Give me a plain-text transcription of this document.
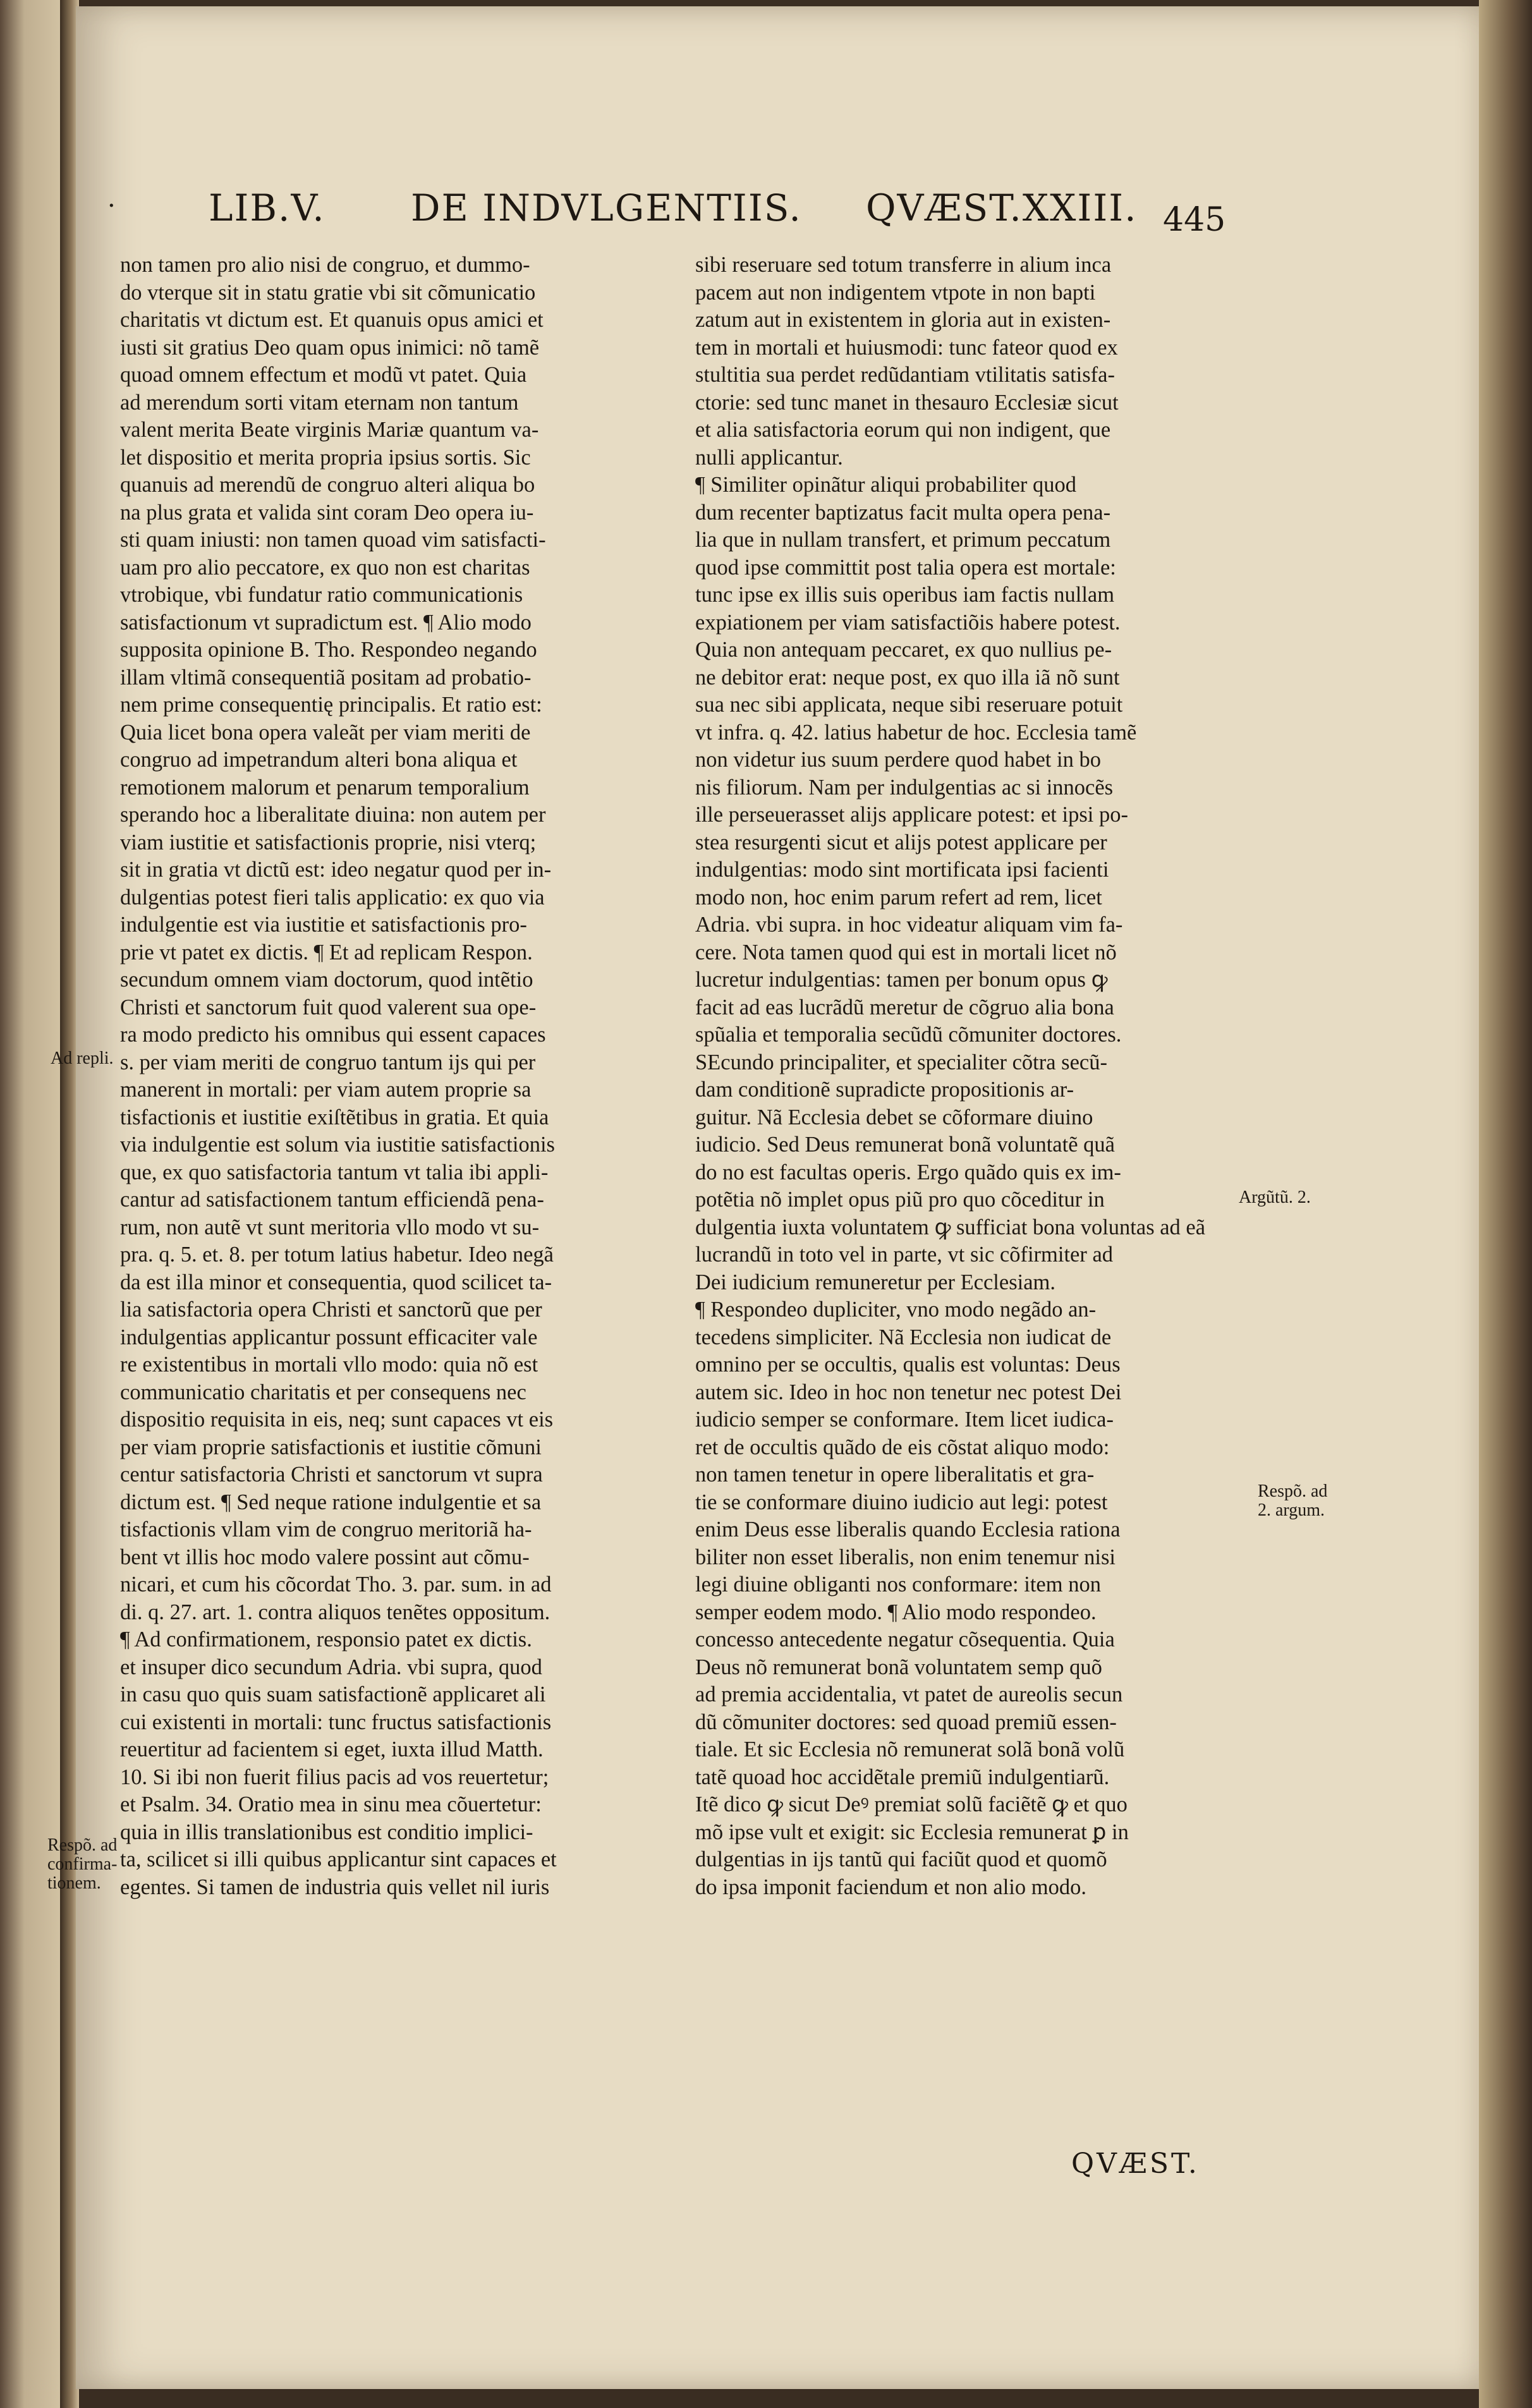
·	LIB.V. DE INDVLGENTIIS. QVÆST.XXIII. 445
non tamen pro alio nisi de congruo, et dummo-
do vterque sit in statu gratie vbi sit cõmunicatio
charitatis vt dictum est. Et quanuis opus amici et
iusti sit gratius Deo quam opus inimici: nõ tamẽ
quoad omnem effectum et modũ vt patet. Quia
ad merendum sorti vitam eternam non tantum
valent merita Beate virginis Mariæ quantum va-
let dispositio et merita propria ipsius sortis. Sic
quanuis ad merendũ de congruo alteri aliqua bo
na plus grata et valida sint coram Deo opera iu-
sti quam iniusti: non tamen quoad vim satisfacti-
uam pro alio peccatore, ex quo non est charitas
vtrobique, vbi fundatur ratio communicationis
satisfactionum vt supradictum est. ¶ Alio modo
supposita opinione B. Tho. Respondeo negando
illam vltimã consequentiã positam ad probatio-
nem prime consequentię principalis. Et ratio est:
Quia licet bona opera valeãt per viam meriti de
congruo ad impetrandum alteri bona aliqua et
remotionem malorum et penarum temporalium
sperando hoc a liberalitate diuina: non autem per
viam iustitie et satisfactionis proprie, nisi vterq;
sit in gratia vt dictũ est: ideo negatur quod per in-
dulgentias potest fieri talis applicatio: ex quo via
indulgentie est via iustitie et satisfactionis pro-
prie vt patet ex dictis. ¶ Et ad replicam Respon.
secundum omnem viam doctorum, quod intẽtio
Christi et sanctorum fuit quod valerent sua ope-
ra modo predicto his omnibus qui essent capaces
s. per viam meriti de congruo tantum ijs qui per
manerent in mortali: per viam autem proprie sa
tisfactionis et iustitie exiſtẽtibus in gratia. Et quia
via indulgentie est solum via iustitie satisfactionis
que, ex quo satisfactoria tantum vt talia ibi appli-
cantur ad satisfactionem tantum efficiendã pena-
rum, non autẽ vt sunt meritoria vllo modo vt su-
pra. q. 5. et. 8. per totum latius habetur. Ideo negã
da est illa minor et consequentia, quod scilicet ta-
lia satisfactoria opera Christi et sanctorũ que per
indulgentias applicantur possunt efficaciter vale
re existentibus in mortali vllo modo: quia nõ est
communicatio charitatis et per consequens nec
dispositio requisita in eis, neq; sunt capaces vt eis
per viam proprie satisfactionis et iustitie cõmuni
centur satisfactoria Christi et sanctorum vt supra
dictum est. ¶ Sed neque ratione indulgentie et sa
tisfactionis vllam vim de congruo meritoriã ha-
bent vt illis hoc modo valere possint aut cõmu-
nicari, et cum his cõcordat Tho. 3. par. sum. in ad
di. q. 27. art. 1. contra aliquos tenẽtes oppositum.
¶ Ad confirmationem, responsio patet ex dictis.
et insuper dico secundum Adria. vbi supra, quod
in casu quo quis suam satisfactionẽ applicaret ali
cui existenti in mortali: tunc fructus satisfactionis
reuertitur ad facientem si eget, iuxta illud Matth.
10. Si ibi non fuerit filius pacis ad vos reuertetur;
et Psalm. 34. Oratio mea in sinu mea cõuertetur:
quia in illis translationibus est conditio implici-
ta, scilicet si illi quibus applicantur sint capaces et
egentes. Si tamen de industria quis vellet nil iuris
sibi reseruare sed totum transferre in alium inca
pacem aut non indigentem vtpote in non bapti
zatum aut in existentem in gloria aut in existen-
tem in mortali et huiusmodi: tunc fateor quod ex
stultitia sua perdet redũdantiam vtilitatis satisfa-
ctorie: sed tunc manet in thesauro Ecclesiæ sicut
et alia satisfactoria eorum qui non indigent, que
nulli applicantur.
¶ Similiter opinãtur aliqui probabiliter quod
dum recenter baptizatus facit multa opera pena-
lia que in nullam transfert, et primum peccatum
quod ipse committit post talia opera est mortale:
tunc ipse ex illis suis operibus iam factis nullam
expiationem per viam satisfactiõis habere potest.
Quia non antequam peccaret, ex quo nullius pe-
ne debitor erat: neque post, ex quo illa iã nõ sunt
sua nec sibi applicata, neque sibi reseruare potuit
vt infra. q. 42. latius habetur de hoc. Ecclesia tamẽ
non videtur ius suum perdere quod habet in bo
nis filiorum. Nam per indulgentias ac si innocẽs
ille perseuerasset alijs applicare potest: et ipsi po-
stea resurgenti sicut et alijs potest applicare per
indulgentias: modo sint mortificata ipsi facienti
modo non, hoc enim parum refert ad rem, licet
Adria. vbi supra. in hoc videatur aliquam vim fa-
cere. Nota tamen quod qui est in mortali licet nõ
lucretur indulgentias: tamen per bonum opus ꝙ
facit ad eas lucrãdũ meretur de cõgruo alia bona
spũalia et temporalia secũdũ cõmuniter doctores.
SEcundo principaliter, et specialiter cõtra secũ-
dam conditionẽ supradicte propositionis ar-
guitur. Nã Ecclesia debet se cõformare diuino
iudicio. Sed Deus remunerat bonã voluntatẽ quã
do no est facultas operis. Ergo quãdo quis ex im-
potẽtia nõ implet opus piũ pro quo cõceditur in
dulgentia iuxta voluntatem ꝙ sufficiat bona voluntas ad eã
lucrandũ in toto vel in parte, vt sic cõfirmiter ad
Dei iudicium remuneretur per Ecclesiam.
¶ Respondeo dupliciter, vno modo negãdo an-
tecedens simpliciter. Nã Ecclesia non iudicat de
omnino per se occultis, qualis est voluntas: Deus
autem sic. Ideo in hoc non tenetur nec potest Dei
iudicio semper se conformare. Item licet iudica-
ret de occultis quãdo de eis cõstat aliquo modo:
non tamen tenetur in opere liberalitatis et gra-
tie se conformare diuino iudicio aut legi: potest
enim Deus esse liberalis quando Ecclesia rationa
biliter non esset liberalis, non enim tenemur nisi
legi diuine obliganti nos conformare: item non
semper eodem modo. ¶ Alio modo respondeo.
concesso antecedente negatur cõsequentia. Quia
Deus nõ remunerat bonã voluntatem semp quõ
ad premia accidentalia, vt patet de aureolis secun
dũ cõmuniter doctores: sed quoad premiũ essen-
tiale. Et sic Ecclesia nõ remunerat solã bonã volũ
tatẽ quoad hoc accidẽtale premiũ indulgentiarũ.
Itẽ dico ꝙ sicut Deꝰ premiat solũ faciẽtẽ ꝙ et quo
mõ ipse vult et exigit: sic Ecclesia remunerat ꝑ in
dulgentias in ijs tantũ qui faciũt quod et quomõ
do ipsa imponit faciendum et non alio modo.
Ad repli.
Argũtũ. 2.
Respõ. ad
2. argum.
Respõ. ad
confirma-
tionem.
QVÆST.
